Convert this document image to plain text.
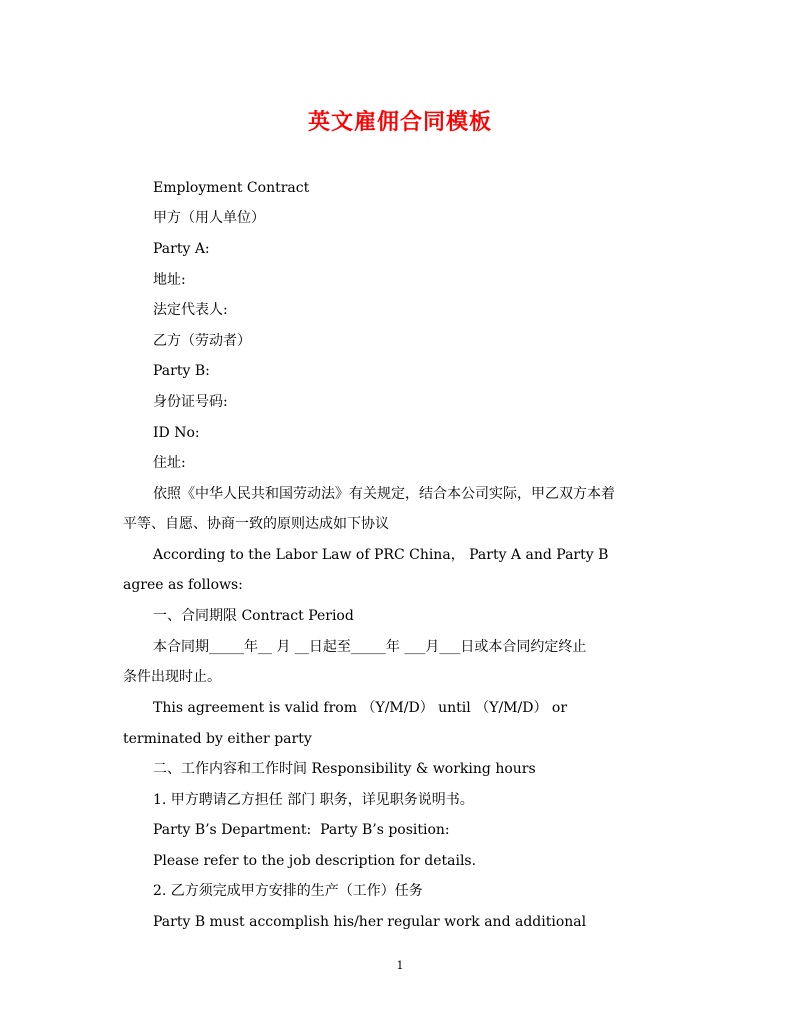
英文雇佣合同模板
Employment Contract
甲方（用人单位）
Party A:
地址:
法定代表人:
乙方（劳动者）
Party B:
身份证号码:
ID No:
住址:
依照《中华人民共和国劳动法》有关规定，结合本公司实际，甲乙双方本着
平等、自愿、协商一致的原则达成如下协议
According to the Labor Law of PRC China， Party A and Party B
agree as follows:
一、合同期限 Contract Period
本合同期_____年__ 月 __日起至_____年 ___月___日或本合同约定终止
条件出现时止。
This agreement is valid from （Y/M/D） until （Y/M/D） or
terminated by either party
二、工作内容和工作时间 Responsibility & working hours
1. 甲方聘请乙方担任 部门 职务，详见职务说明书。
Party B’s Department:  Party B’s position:
Please refer to the job description for details.
2. 乙方须完成甲方安排的生产（工作）任务
Party B must accomplish his/her regular work and additional
1
